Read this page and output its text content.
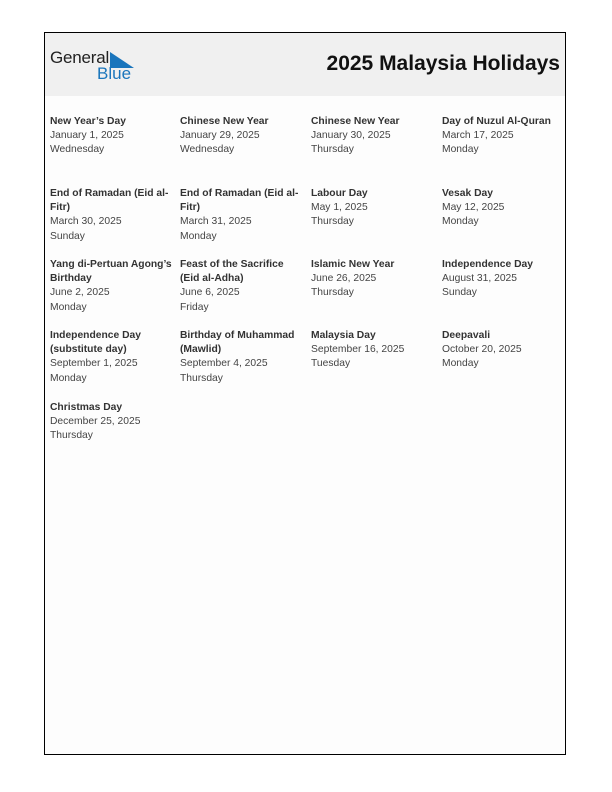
General
Blue	2025 Malaysia Holidays
New Year’s Day
January 1, 2025
Wednesday
Chinese New Year
January 29, 2025
Wednesday
Chinese New Year
January 30, 2025
Thursday
Day of Nuzul Al-Quran
March 17, 2025
Monday
End of Ramadan (Eid al-Fitr)
March 30, 2025
Sunday
End of Ramadan (Eid al-Fitr)
March 31, 2025
Monday
Labour Day
May 1, 2025
Thursday
Vesak Day
May 12, 2025
Monday
Yang di-Pertuan Agong’s Birthday
June 2, 2025
Monday
Feast of the Sacrifice (Eid al-Adha)
June 6, 2025
Friday
Islamic New Year
June 26, 2025
Thursday
Independence Day
August 31, 2025
Sunday
Independence Day (substitute day)
September 1, 2025
Monday
Birthday of Muhammad (Mawlid)
September 4, 2025
Thursday
Malaysia Day
September 16, 2025
Tuesday
Deepavali
October 20, 2025
Monday
Christmas Day
December 25, 2025
Thursday
